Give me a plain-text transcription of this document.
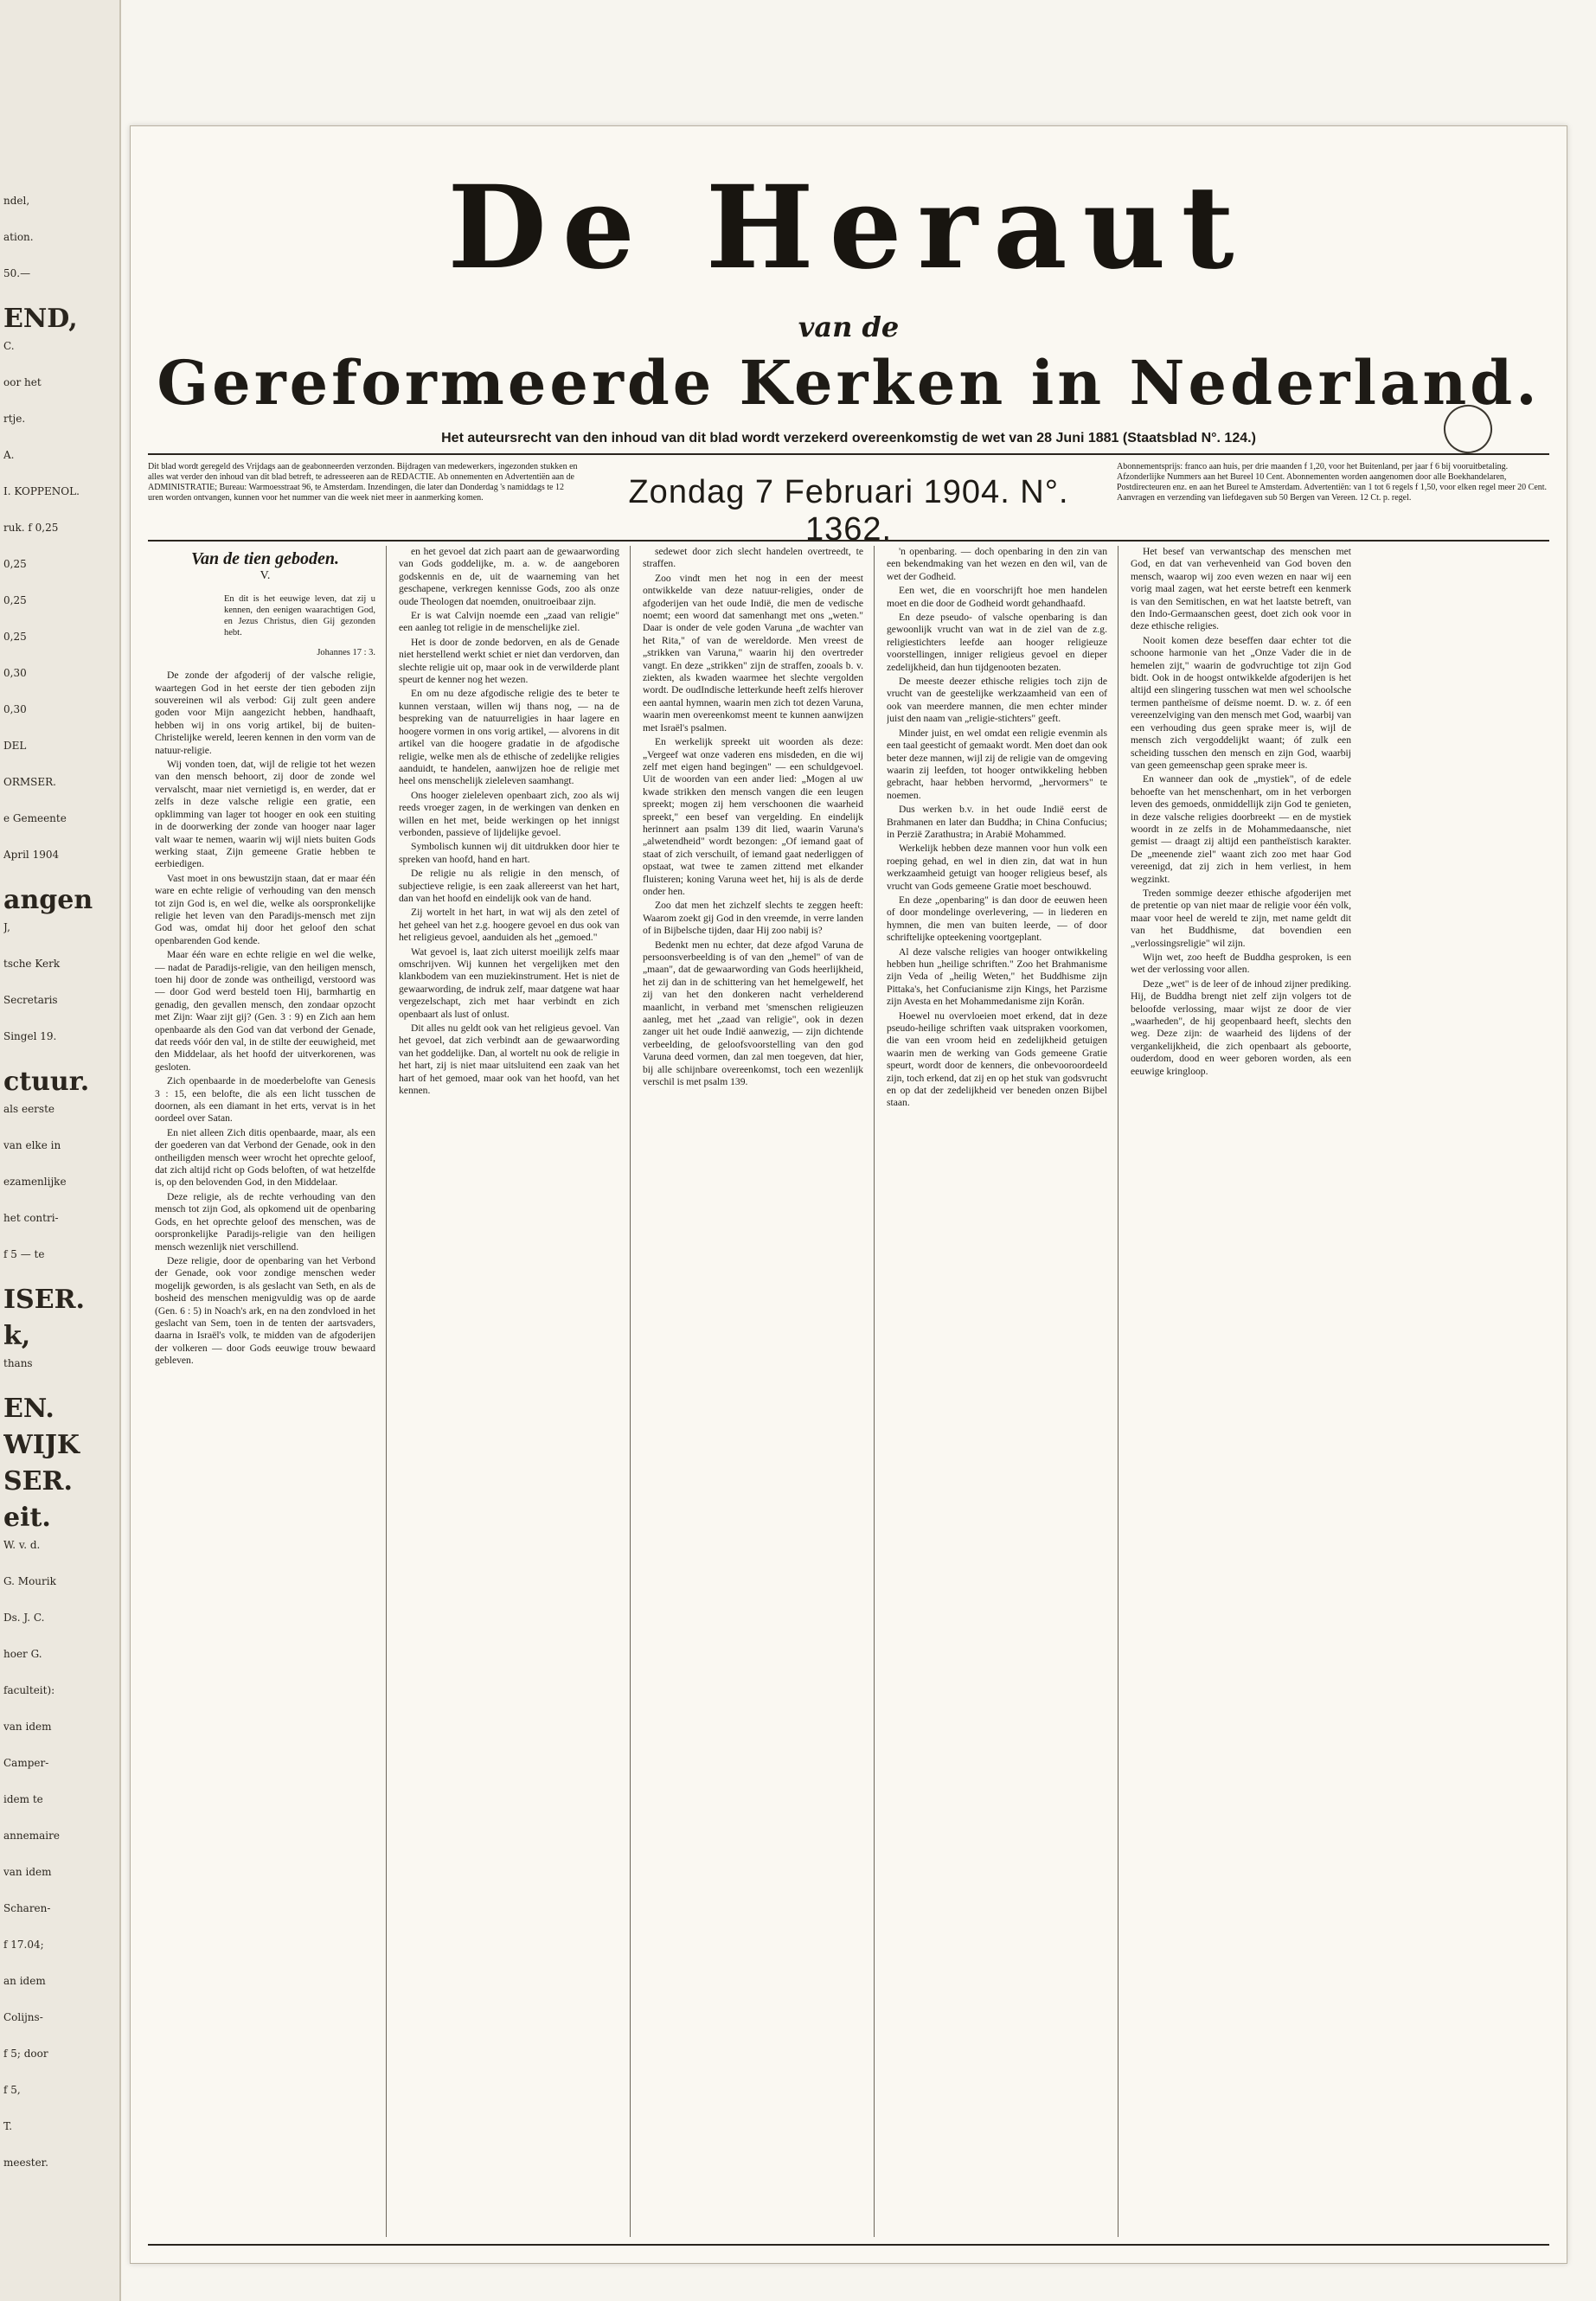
ndel,
ation.
50.—
END,
C.
oor het
rtje.
A.
I. KOPPENOL.
ruk. f 0,25
0,25
0,25
0,25
0,30
0,30
DEL
ORMSER.
e Gemeente
April 1904
angen
J,
tsche Kerk
Secretaris
Singel 19.
ctuur.
als eerste
van elke in
ezamenlijke
het contri-
f 5 — te
ISER.
k,
thans
EN.
WIJK
SER.
eit.
W. v. d.
G. Mourik
Ds. J. C.
hoer G.
faculteit):
van idem
Camper-
idem te
annemaire
van idem
Scharen-
f 17.04;
an idem
Colijns-
f 5; door
f 5,
T.
meester.
De Heraut
van de
Gereformeerde Kerken in Nederland.
Het auteursrecht van den inhoud van dit blad wordt verzekerd overeenkomstig de wet van 28 Juni 1881 (Staatsblad N°. 124.)
Dit blad wordt geregeld des Vrijdags aan de geabonneerden verzonden. Bijdragen van medewerkers, ingezonden stukken en alles wat verder den inhoud van dit blad betreft, te adresseeren aan de REDACTIE. Ab onnementen en Advertentiën aan de ADMINISTRATIE; Bureau: Warmoesstraat 96, te Amsterdam. Inzendingen, die later dan Donderdag 's namiddags te 12 uren worden ontvangen, kunnen voor het nummer van die week niet meer in aanmerking komen.	Zondag 7 Februari 1904. N°. 1362.
Abonnementsprijs: franco aan huis, per drie maanden f 1,20, voor het Buitenland, per jaar f 6 bij vooruitbetaling. Afzonderlijke Nummers aan het Bureel 10 Cent. Abonnementen worden aangenomen door alle Boekhandelaren, Postdirecteuren enz. en aan het Bureel te Amsterdam. Advertentiën: van 1 tot 6 regels f 1,50, voor elken regel meer 20 Cent. Aanvragen en verzending van liefdegaven sub 50 Bergen van Vereen. 12 Ct. p. regel.
Van de tien geboden.
V.
En dit is het eeuwige leven, dat zij u kennen, den eenigen waarachtigen God, en Jezus Christus, dien Gij gezonden hebt.
Johannes 17 : 3.

De zonde der afgoderij of der valsche religie, waartegen God in het eerste der tien geboden zijn souvereinen wil als verbod: Gij zult geen andere goden voor Mijn aangezicht hebben, handhaaft, hebben wij in ons vorig artikel, bij de buiten-Christelijke wereld, leeren kennen in den vorm van de natuur-religie.

Wij vonden toen, dat, wijl de religie tot het wezen van den mensch behoort, zij door de zonde wel vervalscht, maar niet vernietigd is, en werder, dat er zelfs in deze valsche religie een gratie, een opklimming van lager tot hooger en ook een stuiting in de doorwerking der zonde van hooger naar lager valt waar te nemen, waarin wij wijl niets buiten Gods werking staat, Zijn gemeene Gratie hebben te eerbiedigen.

Vast moet in ons bewustzijn staan, dat er maar één ware en echte religie of verhouding van den mensch tot zijn God is, en wel die, welke als oorspronkelijke religie het leven van den Paradijs-mensch met zijn God was, omdat hij door het geloof den schat openbarenden God kende.

Maar één ware en echte religie en wel die welke, — nadat de Paradijs-religie, van den heiligen mensch, toen hij door de zonde was ontheiligd, verstoord was — door God werd besteld toen Hij, barmhartig en genadig, den gevallen mensch, den zondaar opzocht met Zijn: Waar zijt gij? (Gen. 3 : 9) en Zich aan hem openbaarde als den God van dat verbond der Genade, dat reeds vóór den val, in de stilte der eeuwigheid, met den Middelaar, als het hoofd der uitverkorenen, was gesloten.

Zich openbaarde in de moederbelofte van Genesis 3 : 15, een belofte, die als een licht tusschen de doornen, als een diamant in het erts, vervat is in het oordeel over Satan.

En niet alleen Zich ditis openbaarde, maar, als een der goederen van dat Verbond der Genade, ook in den ontheiligden mensch weer wrocht het oprechte geloof, dat zich altijd richt op Gods beloften, of wat hetzelfde is, op den belovenden God, in den Middelaar.

Deze religie, als de rechte verhouding van den mensch tot zijn God, als opkomend uit de openbaring Gods, en het oprechte geloof des menschen, was de oorspronkelijke Paradijs-religie van den heiligen mensch wezenlijk niet verschillend.

Deze religie, door de openbaring van het Verbond der Genade, ook voor zondige menschen weder mogelijk geworden, is als geslacht van Seth, en als de bosheid des menschen menigvuldig was op de aarde (Gen. 6 : 5) in Noach's ark, en na den zondvloed in het geslacht van Sem, toen in de tenten der aartsvaders, daarna in Israël's volk, te midden van de afgoderijen der volkeren — door Gods eeuwige trouw bewaard gebleven.

en het gevoel dat zich paart aan de gewaarwording van Gods goddelijke, m. a. w. de aangeboren godskennis en de, uit de waarneming van het geschapene, verkregen kennisse Gods, zoo als onze oude Theologen dat noemden, onuitroeibaar zijn.

Er is wat Calvijn noemde een „zaad van religie" een aanleg tot religie in de menschelijke ziel.

Het is door de zonde bedorven, en als de Genade niet herstellend werkt schiet er niet dan verdorven, dan slechte religie uit op, maar ook in de verwilderde plant speurt de kenner nog het wezen.

En om nu deze afgodische religie des te beter te kunnen verstaan, willen wij thans nog, — na de bespreking van de natuurreligies in haar lagere en hoogere vormen in ons vorig artikel, — alvorens in dit artikel van die hoogere gradatie in de afgodische religie, welke men als de ethische of zedelijke religies aanduidt, te handelen, aanwijzen hoe de religie met heel ons menschelijk zieleleven saamhangt.

Ons hooger zieleleven openbaart zich, zoo als wij reeds vroeger zagen, in de werkingen van denken en willen en het met, beide werkingen op het innigst verbonden, passieve of lijdelijke gevoel.

Symbolisch kunnen wij dit uitdrukken door hier te spreken van hoofd, hand en hart.

De religie nu als religie in den mensch, of subjectieve religie, is een zaak allereerst van het hart, dan van het hoofd en eindelijk ook van de hand.

Zij wortelt in het hart, in wat wij als den zetel of het geheel van het z.g. hoogere gevoel en dus ook van het religieus gevoel, aanduiden als het „gemoed."

Wat gevoel is, laat zich uiterst moeilijk zelfs maar omschrijven. Wij kunnen het vergelijken met den klankbodem van een muziekinstrument. Het is niet de gewaarwording, de indruk zelf, maar datgene wat haar vergezelschapt, zich met haar verbindt en zich openbaart als lust of onlust.

Dit alles nu geldt ook van het religieus gevoel. Van het gevoel, dat zich verbindt aan de gewaarwording van het goddelijke. Dan, al wortelt nu ook de religie in het hart, zij is niet maar uitsluitend een zaak van het hart of het gemoed, maar ook van het hoofd, van het kennen.

sedewet door zich slecht handelen overtreedt, te straffen.

Zoo vindt men het nog in een der meest ontwikkelde van deze natuur-religies, onder de afgoderijen van het oude Indië, die men de vedische noemt; een woord dat samenhangt met ons „weten." Daar is onder de vele goden Varuna „de wachter van het Rita," of van de wereldorde. Men vreest de „strikken van Varuna," waarin hij den overtreder vangt. En deze „strikken" zijn de straffen, zooals b. v. ziekten, als kwaden waarmee het slechte vergolden wordt. De oudIndische letterkunde heeft zelfs hierover een aantal hymnen, waarin men zich tot dezen Varuna, waarin men overeenkomst meent te kunnen aanwijzen met Israël's psalmen.

En werkelijk spreekt uit woorden als deze: „Vergeef wat onze vaderen ens misdeden, en die wij zelf met eigen hand begingen" — een schuldgevoel. Uit de woorden van een ander lied: „Mogen al uw kwade strikken den mensch vangen die een leugen spreekt; mogen zij hem verschoonen die waarheid spreekt," een besef van vergelding. En eindelijk herinnert aan psalm 139 dit lied, waarin Varuna's „alwetendheid" wordt bezongen: „Of iemand gaat of staat of zich verschuilt, of iemand gaat nederliggen of opstaat, wat twee te zamen zittend met elkander fluisteren; koning Varuna weet het, hij is als de derde onder hen.

Zoo dat men het zichzelf slechts te zeggen heeft: Waarom zoekt gij God in den vreemde, in verre landen of in Bijbelsche tijden, daar Hij zoo nabij is?

Bedenkt men nu echter, dat deze afgod Varuna de persoonsverbeelding is of van den „hemel" of van de „maan", dat de gewaarwording van Gods heerlijkheid, het zij dan in de schittering van het hemelgewelf, het zij van het den donkeren nacht verhelderend maanlicht, in verband met 'smenschen religieuzen aanleg, met het „zaad van religie", ook in dezen zanger uit het oude Indië aanwezig, — zijn dichtende verbeelding, de geloofsvoorstelling van den god Varuna deed vormen, dan zal men toegeven, dat hier, bij alle schijnbare overeenkomst, toch een wezenlijk verschil is met psalm 139.

'n openbaring. — doch openbaring in den zin van een bekendmaking van het wezen en den wil, van de wet der Godheid.

Een wet, die en voorschrijft hoe men handelen moet en die door de Godheid wordt gehandhaafd.

En deze pseudo- of valsche openbaring is dan gewoonlijk vrucht van wat in de ziel van de z.g. religiestichters leefde aan hooger religieuze voorstellingen, inniger religieus gevoel en dieper zedelijkheid, dan hun tijdgenooten bezaten.

De meeste deezer ethische religies toch zijn de vrucht van de geestelijke werkzaamheid van een of ook van meerdere mannen, die men echter minder juist den naam van „religie-stichters" geeft.

Minder juist, en wel omdat een religie evenmin als een taal geesticht of gemaakt wordt. Men doet dan ook beter deze mannen, wijl zij de religie van de omgeving waarin zij leefden, tot hooger ontwikkeling hebben gebracht, haar hebben hervormd, „hervormers" te noemen.

Dus werken b.v. in het oude Indië eerst de Brahmanen en later dan Buddha; in China Confucius; in Perzië Zarathustra; in Arabië Mohammed.

Werkelijk hebben deze mannen voor hun volk een roeping gehad, en wel in dien zin, dat wat in hun werkzaamheid getuigt van hooger religieus besef, als vrucht van Gods gemeene Gratie moet beschouwd.

En deze „openbaring" is dan door de eeuwen heen of door mondelinge overlevering, — in liederen en hymnen, die men van buiten leerde, — of door schriftelijke opteekening voortgeplant.

Al deze valsche religies van hooger ontwikkeling hebben hun „heilige schriften." Zoo het Brahmanisme zijn Veda of „heilig Weten," het Buddhisme zijn Pittaka's, het Confucianisme zijn Kings, het Parzisme zijn Avesta en het Mohammedanisme zijn Korân.

Hoewel nu overvloeien moet erkend, dat in deze pseudo-heilige schriften vaak uitspraken voorkomen, die van een vroom heid en zedelijkheid getuigen waarin men de werking van Gods gemeene Gratie speurt, wordt door de kenners, die onbevooroordeeld zijn, toch erkend, dat zij en op het stuk van godsvrucht en op dat der zedelijkheid ver beneden onzen Bijbel staan.

Het besef van verwantschap des menschen met God, en dat van verhevenheid van God boven den mensch, waarop wij zoo even wezen en naar wij een vorig maal zagen, wat het eerste betreft een kenmerk is van den Semitischen, en wat het laatste betreft, van den Indo-Germaanschen geest, doet zich ook voor in deze ethische religies.

Nooit komen deze beseffen daar echter tot die schoone harmonie van het „Onze Vader die in de hemelen zijt," waarin de godvruchtige tot zijn God bidt. Ook in de hoogst ontwikkelde afgoderijen is het altijd een slingering tusschen wat men wel schoolsche termen pantheïsme of deïsme noemt. D. w. z. óf een vereenzelviging van den mensch met God, waarbij van een verhouding dus geen sprake meer is, wijl de mensch zich vergoddelijkt waant; óf zulk een scheiding tusschen den mensch en zijn God, waarbij van geen gemeenschap geen sprake meer is.

En wanneer dan ook de „mystiek", of de edele behoefte van het menschenhart, om in het verborgen leven des gemoeds, onmiddellijk zijn God te genieten, in deze valsche religies doorbreekt — en de mystiek woordt in ze zelfs in de Mohammedaansche, niet gemist — draagt zij altijd een pantheïstisch karakter. De „meenende ziel" waant zich zoo met haar God vereenigd, dat zij zich in hem verliest, in hem wegzinkt.

Treden sommige deezer ethische afgoderijen met de pretentie op van niet maar de religie voor één volk, maar voor heel de wereld te zijn, met name geldt dit van het Buddhisme, dat bovendien een „verlossingsreligie" wil zijn.

Wijn wet, zoo heeft de Buddha gesproken, is een wet der verlossing voor allen.

Deze „wet" is de leer of de inhoud zijner prediking. Hij, de Buddha brengt niet zelf zijn volgers tot de beloofde verlossing, maar wijst ze door de vier „waarheden", de hij geopenbaard heeft, slechts den weg. Deze zijn: de waarheid des lijdens of der vergankelijkheid, die zich openbaart als geboorte, ouderdom, dood en weer geboren worden, als een eeuwige kringloop.
